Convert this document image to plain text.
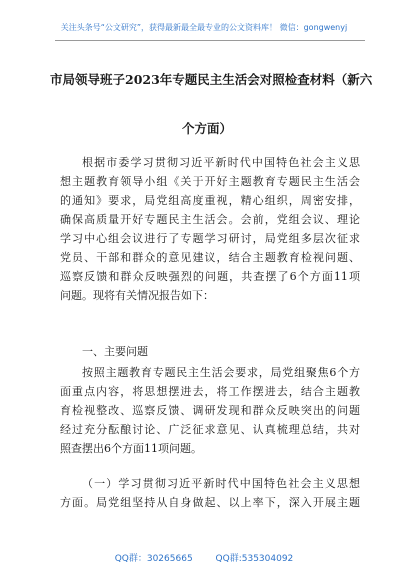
关注头条号“公文研究”，获得最新最全最专业的公文资料库！ 微信：gongwenyj
市局领导班子2023年专题民主生活会对照检查材料（新六
个方面）
根据市委学习贯彻习近平新时代中国特色社会主义思
想主题教育领导小组《关于开好主题教育专题民主生活会
的通知》要求，局党组高度重视，精心组织，周密安排，
确保高质量开好专题民主生活会。会前，党组会议、理论
学习中心组会议进行了专题学习研讨，局党组多层次征求
党员、干部和群众的意见建议，结合主题教育检视问题、
巡察反馈和群众反映强烈的问题，共查摆了6个方面11项
问题。现将有关情况报告如下：
一、主要问题
按照主题教育专题民主生活会要求，局党组聚焦6个方
面重点内容，将思想摆进去，将工作摆进去，结合主题教
育检视整改、巡察反馈、调研发现和群众反映突出的问题
经过充分酝酿讨论、广泛征求意见、认真梳理总结，共对
照查摆出6个方面11项问题。
（一）学习贯彻习近平新时代中国特色社会主义思想
方面。局党组坚持从自身做起、以上率下，深入开展主题
QQ群：30265665	QQ群:535304092
